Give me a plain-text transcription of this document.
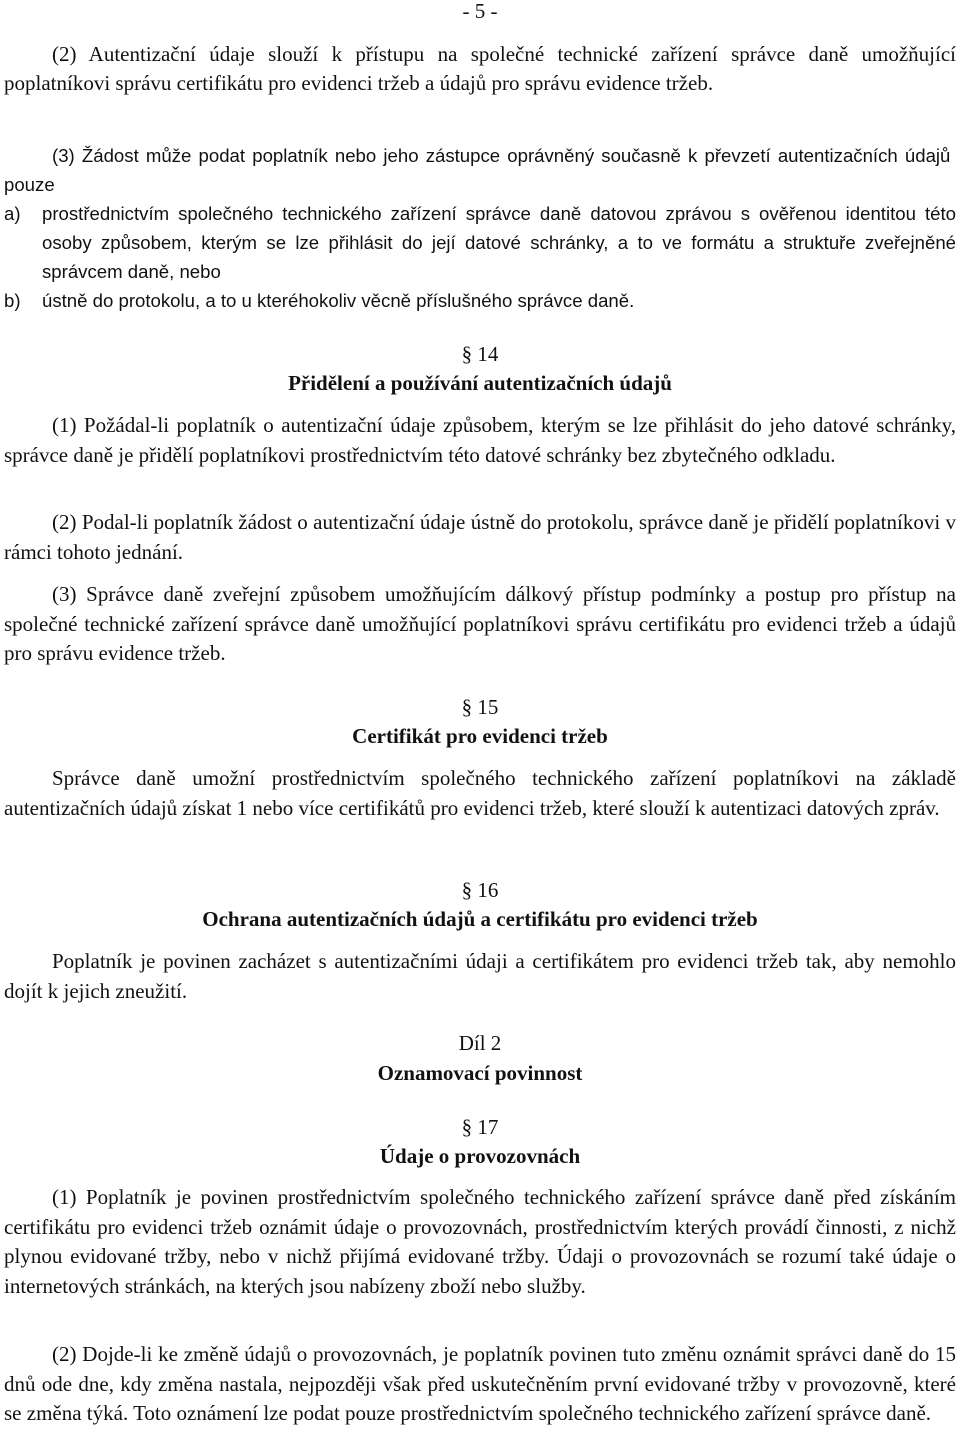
- 5 -

(2) Autentizační údaje slouží k přístupu na společné technické zařízení správce daně umožňující poplatníkovi správu certifikátu pro evidenci tržeb a údajů pro správu evidence tržeb.

(3) Žádost může podat poplatník nebo jeho zástupce oprávněný současně k převzetí autentizačních údajů pouze

a) prostřednictvím společného technického zařízení správce daně datovou zprávou s ověřenou identitou této osoby způsobem, kterým se lze přihlásit do její datové schránky, a to ve formátu a struktuře zveřejněné správcem daně, nebo
b) ústně do protokolu, a to u kteréhokoliv věcně příslušného správce daně.
§ 14
Přidělení a používání autentizačních údajů

(1) Požádal-li poplatník o autentizační údaje způsobem, kterým se lze přihlásit do jeho datové schránky, správce daně je přidělí poplatníkovi prostřednictvím této datové schránky bez zbytečného odkladu.

(2) Podal-li poplatník žádost o autentizační údaje ústně do protokolu, správce daně je přidělí poplatníkovi v rámci tohoto jednání.

(3) Správce daně zveřejní způsobem umožňujícím dálkový přístup podmínky a postup pro přístup na společné technické zařízení správce daně umožňující poplatníkovi správu certifikátu pro evidenci tržeb a údajů pro správu evidence tržeb.

§ 15
Certifikát pro evidenci tržeb

Správce daně umožní prostřednictvím společného technického zařízení poplatníkovi na základě autentizačních údajů získat 1 nebo více certifikátů pro evidenci tržeb, které slouží k autentizaci datových zpráv.

§ 16
Ochrana autentizačních údajů a certifikátu pro evidenci tržeb

Poplatník je povinen zacházet s autentizačními údaji a certifikátem pro evidenci tržeb tak, aby nemohlo dojít k jejich zneužití.

Díl 2
Oznamovací povinnost
§ 17
Údaje o provozovnách

(1) Poplatník je povinen prostřednictvím společného technického zařízení správce daně před získáním certifikátu pro evidenci tržeb oznámit údaje o provozovnách, prostřednictvím kterých provádí činnosti, z nichž plynou evidované tržby, nebo v nichž přijímá evidované tržby. Údaji o provozovnách se rozumí také údaje o internetových stránkách, na kterých jsou nabízeny zboží nebo služby.

(2) Dojde-li ke změně údajů o provozovnách, je poplatník povinen tuto změnu oznámit správci daně do 15 dnů ode dne, kdy změna nastala, nejpozději však před uskutečněním první evidované tržby v provozovně, které se změna týká. Toto oznámení lze podat pouze prostřednictvím společného technického zařízení správce daně.
